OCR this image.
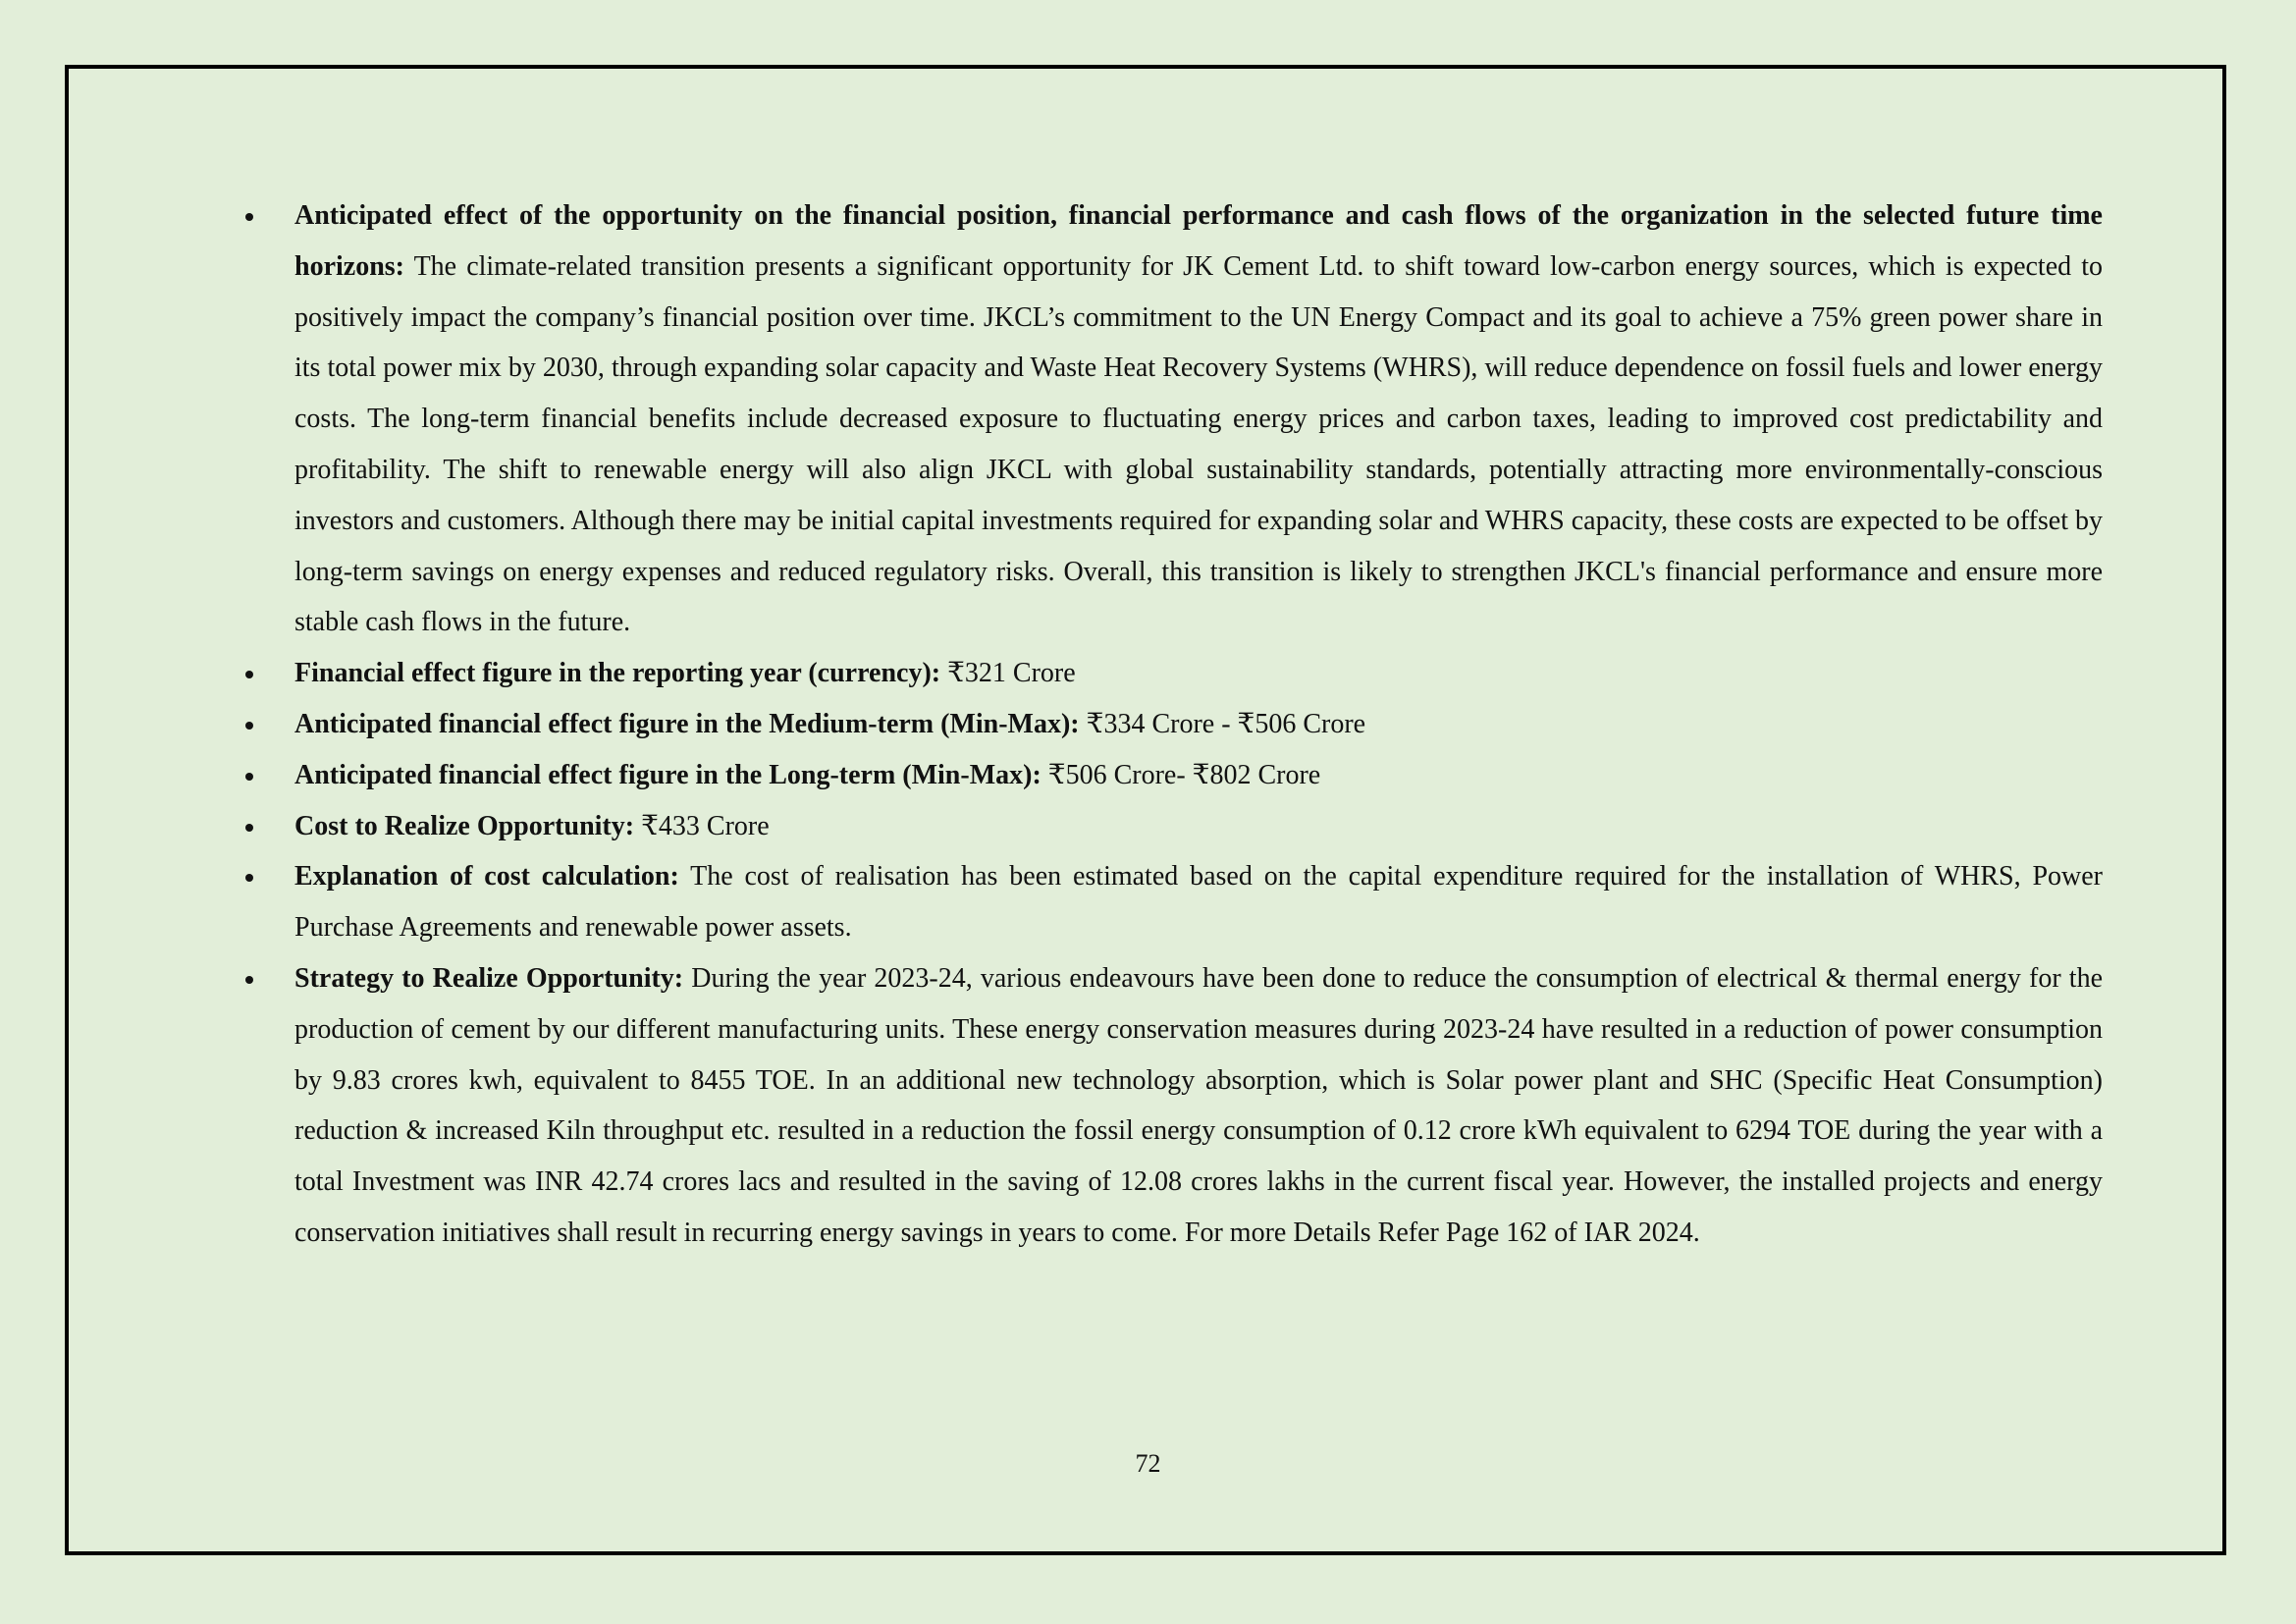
Anticipated effect of the opportunity on the financial position, financial performance and cash flows of the organization in the selected future time horizons: The climate-related transition presents a significant opportunity for JK Cement Ltd. to shift toward low-carbon energy sources, which is expected to positively impact the company’s financial position over time. JKCL’s commitment to the UN Energy Compact and its goal to achieve a 75% green power share in its total power mix by 2030, through expanding solar capacity and Waste Heat Recovery Systems (WHRS), will reduce dependence on fossil fuels and lower energy costs. The long-term financial benefits include decreased exposure to fluctuating energy prices and carbon taxes, leading to improved cost predictability and profitability. The shift to renewable energy will also align JKCL with global sustainability standards, potentially attracting more environmentally-conscious investors and customers. Although there may be initial capital investments required for expanding solar and WHRS capacity, these costs are expected to be offset by long-term savings on energy expenses and reduced regulatory risks. Overall, this transition is likely to strengthen JKCL's financial performance and ensure more stable cash flows in the future.
Financial effect figure in the reporting year (currency): ₹321 Crore
Anticipated financial effect figure in the Medium-term (Min-Max): ₹334 Crore - ₹506 Crore
Anticipated financial effect figure in the Long-term (Min-Max): ₹506 Crore- ₹802 Crore
Cost to Realize Opportunity: ₹433 Crore
Explanation of cost calculation: The cost of realisation has been estimated based on the capital expenditure required for the installation of WHRS, Power Purchase Agreements and renewable power assets.
Strategy to Realize Opportunity: During the year 2023-24, various endeavours have been done to reduce the consumption of electrical & thermal energy for the production of cement by our different manufacturing units. These energy conservation measures during 2023-24 have resulted in a reduction of power consumption by 9.83 crores kwh, equivalent to 8455 TOE. In an additional new technology absorption, which is Solar power plant and SHC (Specific Heat Consumption) reduction & increased Kiln throughput etc. resulted in a reduction the fossil energy consumption of 0.12 crore kWh equivalent to 6294 TOE during the year with a total Investment was INR 42.74 crores lacs and resulted in the saving of 12.08 crores lakhs in the current fiscal year. However, the installed projects and energy conservation initiatives shall result in recurring energy savings in years to come. For more Details Refer Page 162 of IAR 2024.
72
